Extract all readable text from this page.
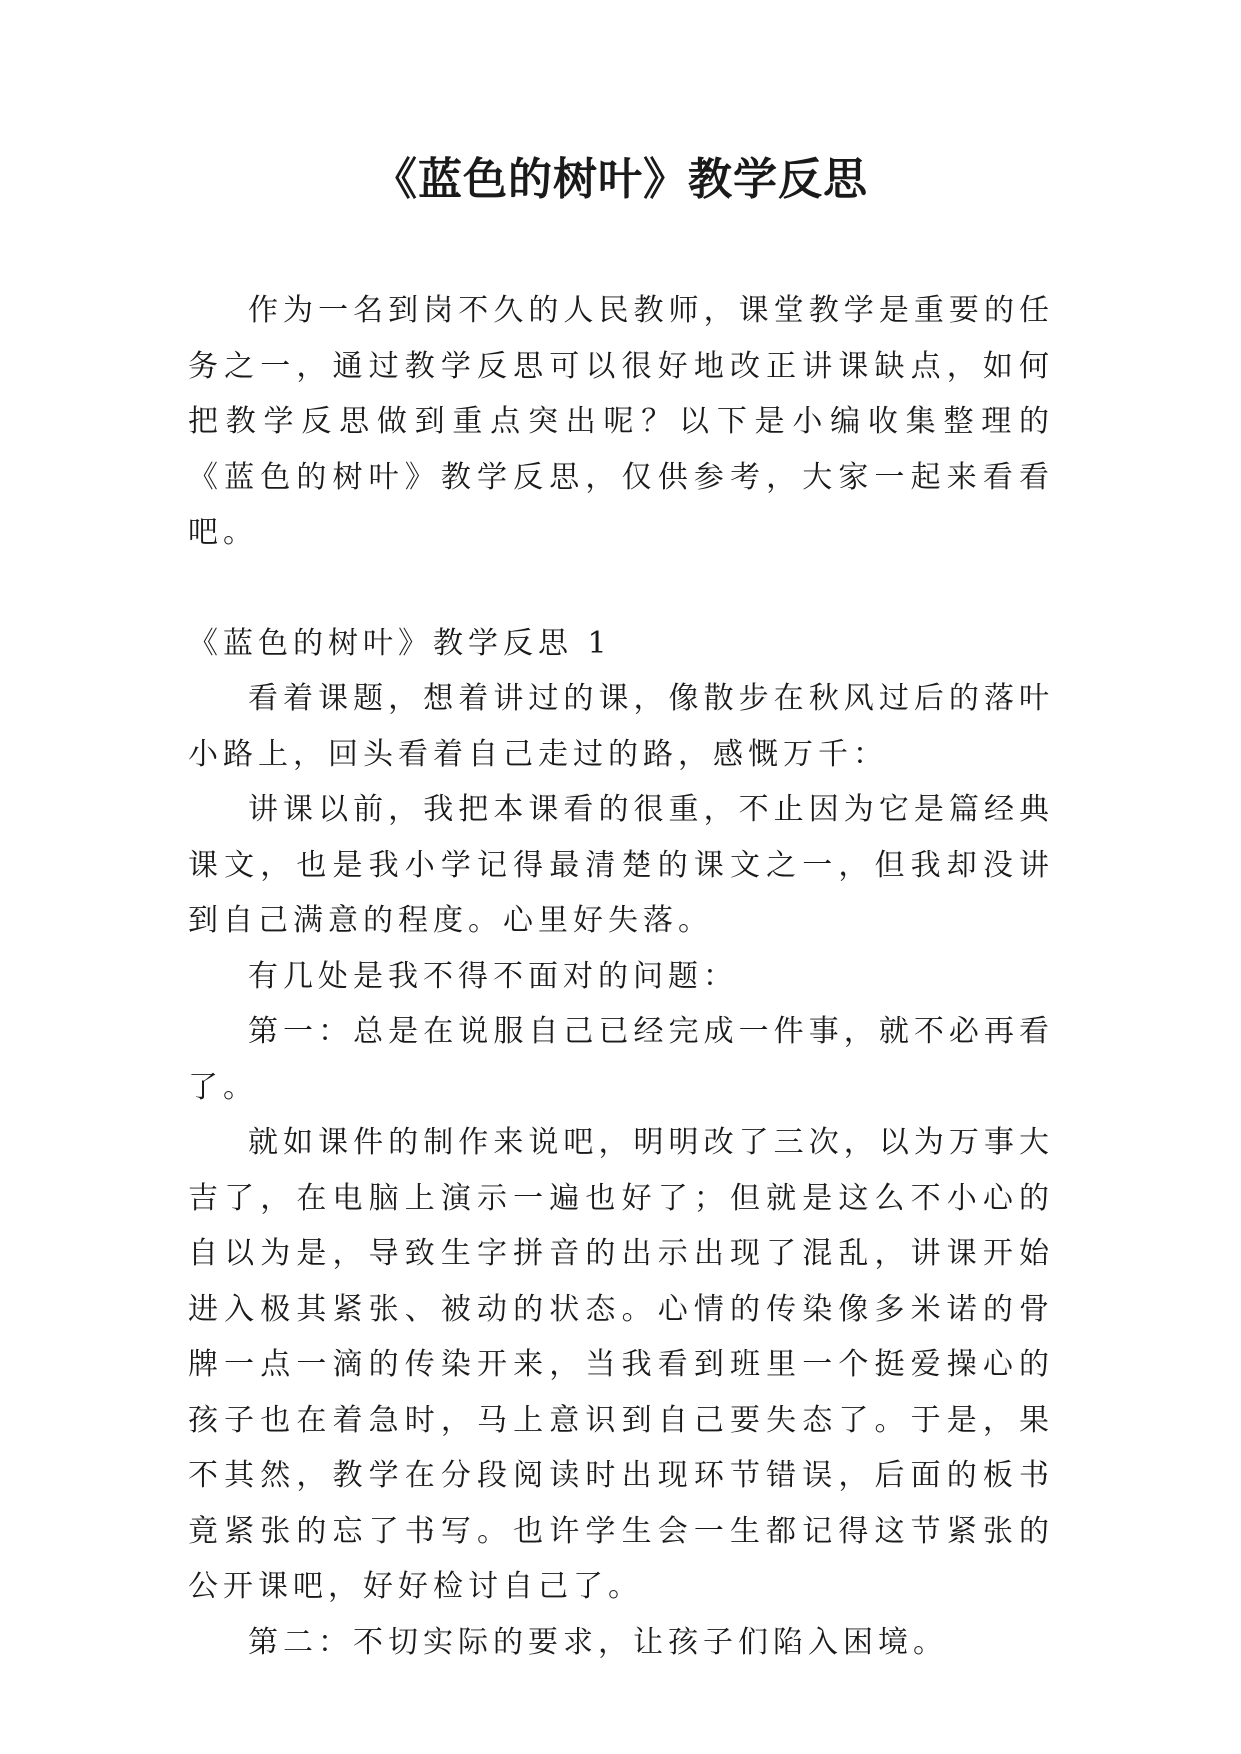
《蓝色的树叶》教学反思

作为一名到岗不久的人民教师，课堂教学是重要的任务之一，通过教学反思可以很好地改正讲课缺点，如何把教学反思做到重点突出呢？以下是小编收集整理的《蓝色的树叶》教学反思，仅供参考，大家一起来看看吧。

《蓝色的树叶》教学反思 1

看着课题，想着讲过的课，像散步在秋风过后的落叶小路上，回头看着自己走过的路，感慨万千：

讲课以前，我把本课看的很重，不止因为它是篇经典课文，也是我小学记得最清楚的课文之一，但我却没讲到自己满意的程度。心里好失落。

有几处是我不得不面对的问题：

第一：总是在说服自己已经完成一件事，就不必再看了。

就如课件的制作来说吧，明明改了三次，以为万事大吉了，在电脑上演示一遍也好了；但就是这么不小心的自以为是，导致生字拼音的出示出现了混乱，讲课开始进入极其紧张、被动的状态。心情的传染像多米诺的骨牌一点一滴的传染开来，当我看到班里一个挺爱操心的孩子也在着急时，马上意识到自己要失态了。于是，果不其然，教学在分段阅读时出现环节错误，后面的板书竟紧张的忘了书写。也许学生会一生都记得这节紧张的公开课吧，好好检讨自己了。

第二：不切实际的要求，让孩子们陷入困境。
